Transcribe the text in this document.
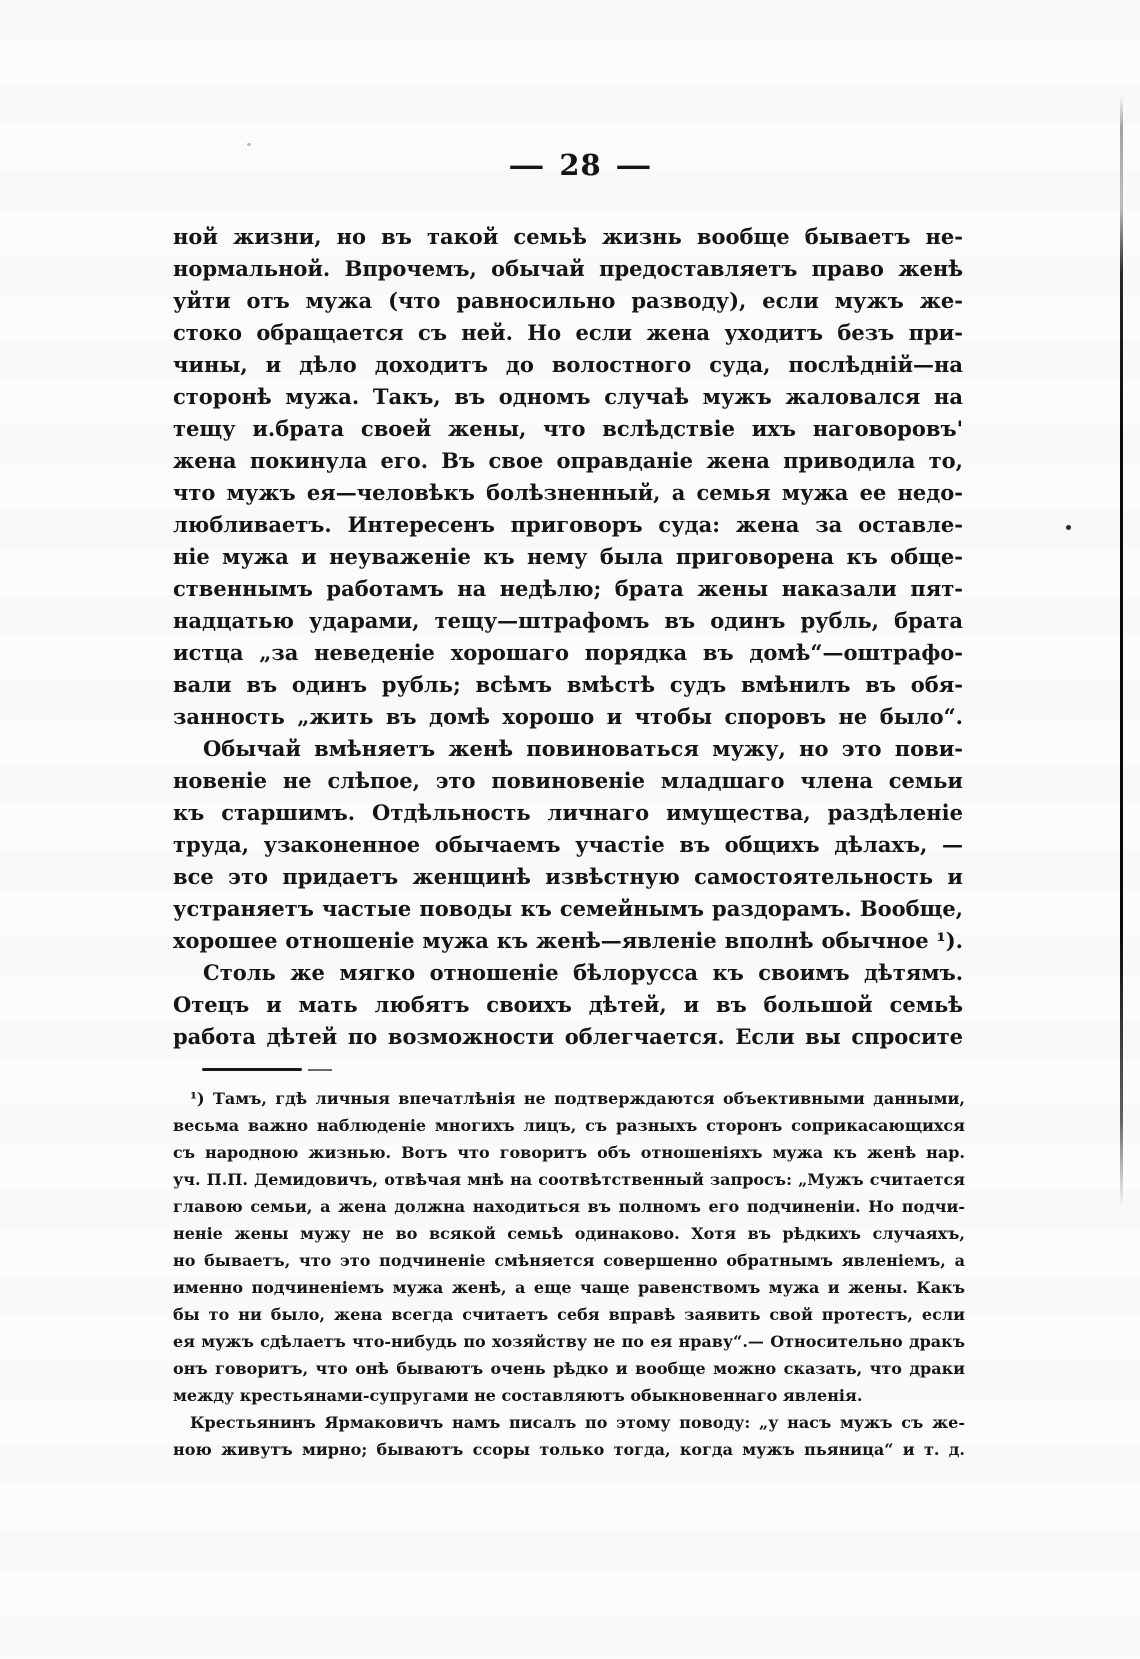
— 28 —
ной жизни, но въ такой семьѣ жизнь вообще бываетъ не-
нормальной. Впрочемъ, обычай предоставляетъ право женѣ
уйти отъ мужа (что равносильно разводу), если мужъ же-
стоко обращается съ ней. Но если жена уходитъ безъ при-
чины, и дѣло доходитъ до волостного суда, послѣдній—на
сторонѣ мужа. Такъ, въ одномъ случаѣ мужъ жаловался на
тещу и.брата своей жены, что вслѣдствіе ихъ наговоровъ'
жена покинула его. Въ свое оправданіе жена приводила то,
что мужъ ея—человѣкъ болѣзненный, а семья мужа ее недо-
любливаетъ. Интересенъ приговоръ суда: жена за оставле-
ніе мужа и неуваженіе къ нему была приговорена къ обще-
ственнымъ работамъ на недѣлю; брата жены наказали пят-
надцатью ударами, тещу—штрафомъ въ одинъ рубль, брата
истца „за неведеніе хорошаго порядка въ домѣ“—оштрафо-
вали въ одинъ рубль; всѣмъ вмѣстѣ судъ вмѣнилъ въ обя-
занность „жить въ домѣ хорошо и чтобы споровъ не было“.
Обычай вмѣняетъ женѣ повиноваться мужу, но это пови-
новеніе не слѣпое, это повиновеніе младшаго члена семьи
къ старшимъ. Отдѣльность личнаго имущества, раздѣленіе
труда, узаконенное обычаемъ участіе въ общихъ дѣлахъ, —
все это придаетъ женщинѣ извѣстную самостоятельность и
устраняетъ частые поводы къ семейнымъ раздорамъ. Вообще,
хорошее отношеніе мужа къ женѣ—явленіе вполнѣ обычное ¹).
Столь же мягко отношеніе бѣлорусса къ своимъ дѣтямъ.
Отецъ и мать любятъ своихъ дѣтей, и въ большой семьѣ
работа дѣтей по возможности облегчается. Если вы спросите
¹) Тамъ, гдѣ личныя впечатлѣнія не подтверждаются объективными данными,
весьма важно наблюденіе многихъ лицъ, съ разныхъ сторонъ соприкасающихся
съ народною жизнью. Вотъ что говоритъ объ отношеніяхъ мужа къ женѣ нар.
уч. П.П. Демидовичъ, отвѣчая мнѣ на соотвѣтственный запросъ: „Мужъ считается
главою семьи, а жена должна находиться въ полномъ его подчиненіи. Но подчи-
неніе жены мужу не во всякой семьѣ одинаково. Хотя въ рѣдкихъ случаяхъ,
но бываетъ, что это подчиненіе смѣняется совершенно обратнымъ явленіемъ, а
именно подчиненіемъ мужа женѣ, а еще чаще равенствомъ мужа и жены. Какъ
бы то ни было, жена всегда считаетъ себя вправѣ заявить свой протестъ, если
ея мужъ сдѣлаетъ что-нибудь по хозяйству не по ея нраву“.— Относительно дракъ
онъ говоритъ, что онѣ бываютъ очень рѣдко и вообще можно сказать, что драки
между крестьянами-супругами не составляютъ обыкновеннаго явленія.
Крестьянинъ Ярмаковичъ намъ писалъ по этому поводу: „у насъ мужъ съ же-
ною живутъ мирно; бываютъ ссоры только тогда, когда мужъ пьяница“ и т. д.
